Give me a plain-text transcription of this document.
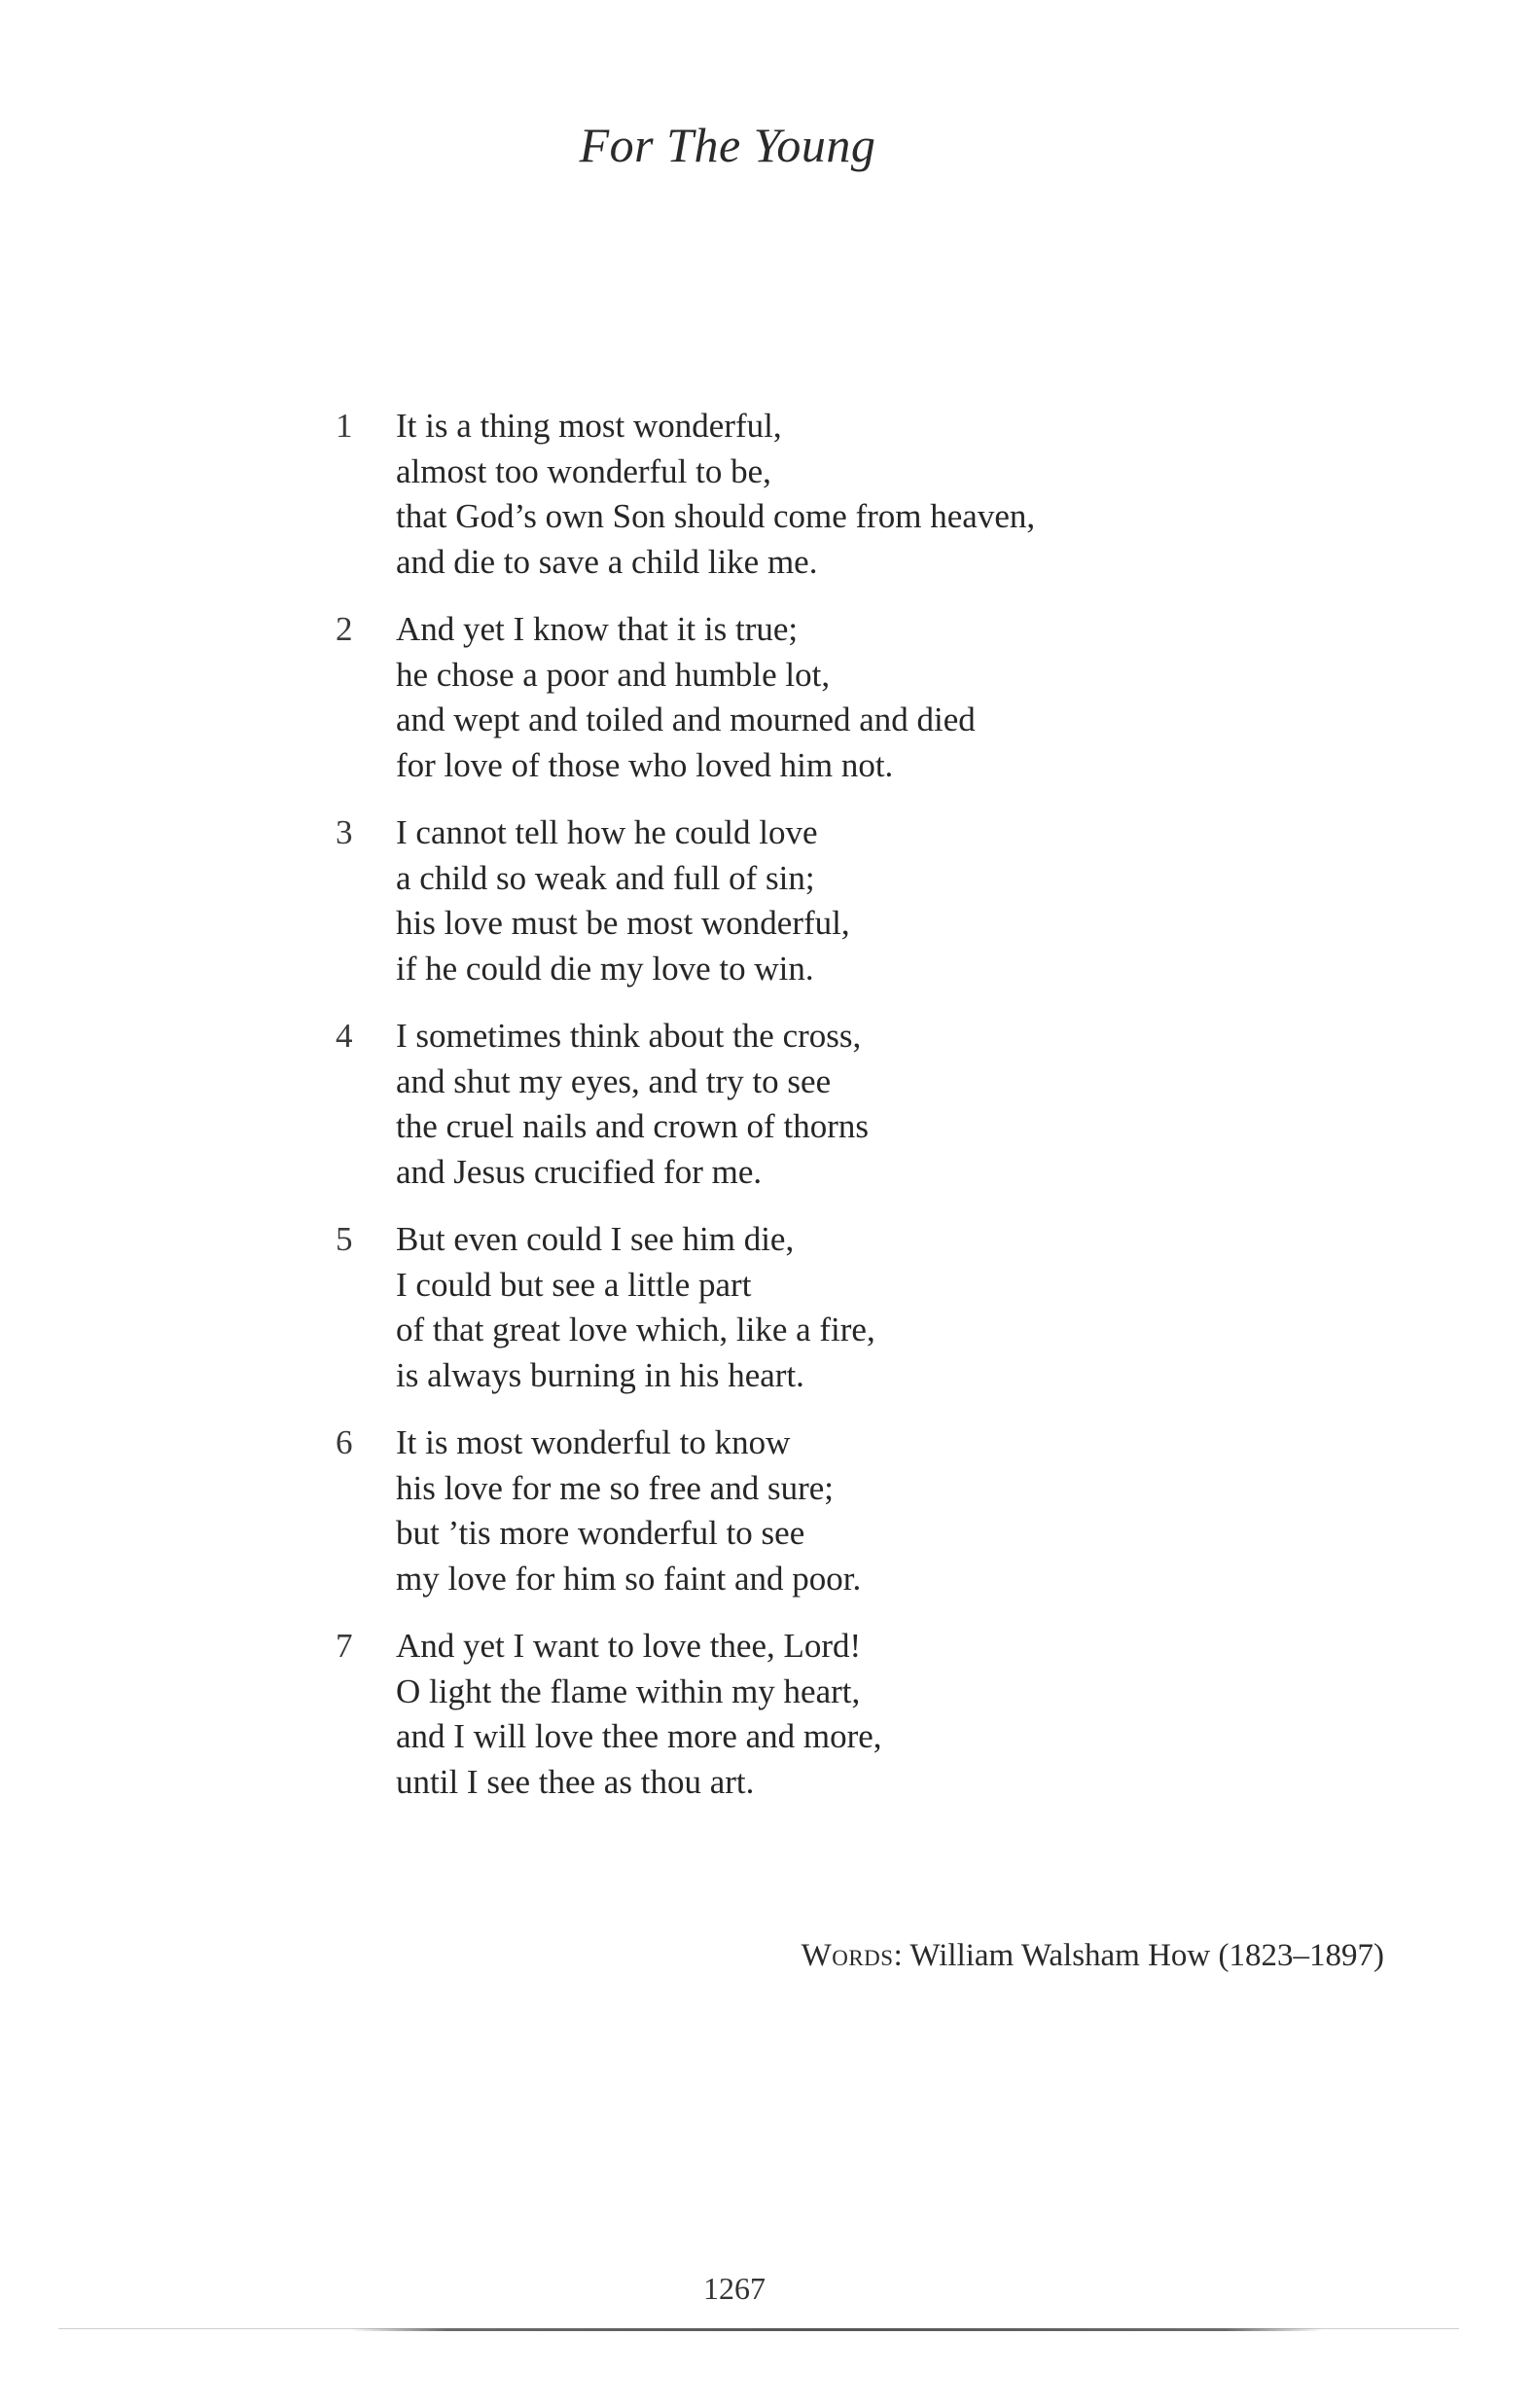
For The Young
1	It is a thing most wonderful,
almost too wonderful to be,
that God’s own Son should come from heaven,
and die to save a child like me.
2	And yet I know that it is true;
he chose a poor and humble lot,
and wept and toiled and mourned and died
for love of those who loved him not.
3	I cannot tell how he could love
a child so weak and full of sin;
his love must be most wonderful,
if he could die my love to win.
4	I sometimes think about the cross,
and shut my eyes, and try to see
the cruel nails and crown of thorns
and Jesus crucified for me.
5	But even could I see him die,
I could but see a little part
of that great love which, like a fire,
is always burning in his heart.
6	It is most wonderful to know
his love for me so free and sure;
but ’tis more wonderful to see
my love for him so faint and poor.
7	And yet I want to love thee, Lord!
O light the flame within my heart,
and I will love thee more and more,
until I see thee as thou art.
Words: William Walsham How (1823–1897)
1267
